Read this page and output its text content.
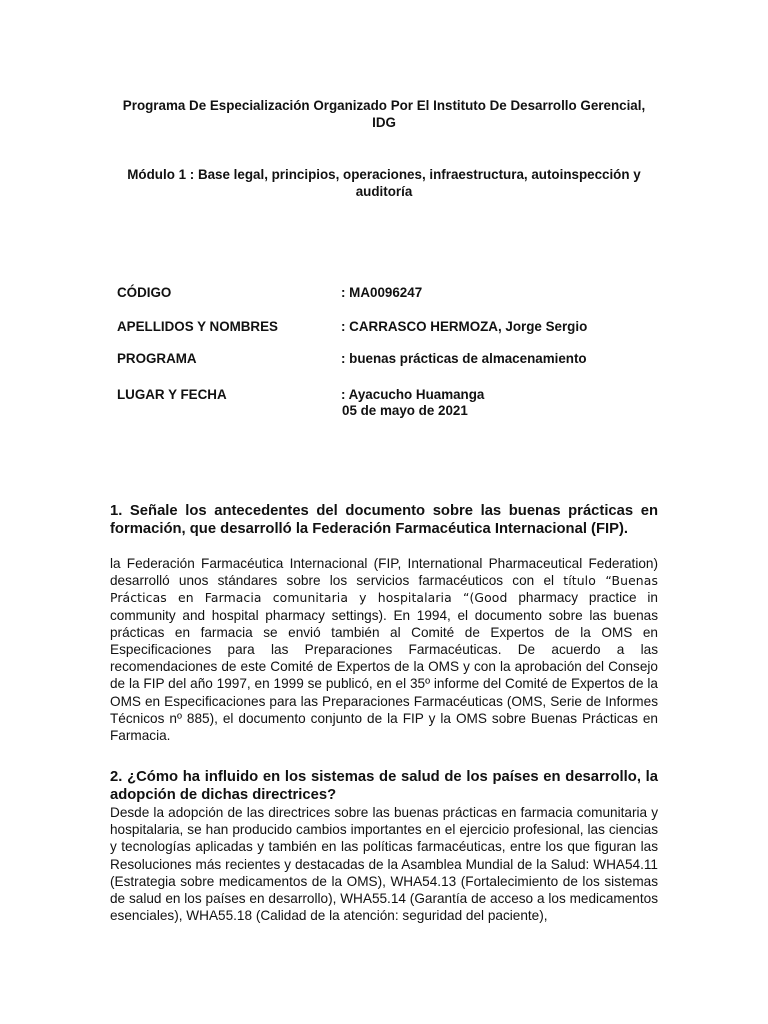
Programa De Especialización Organizado Por El Instituto De Desarrollo Gerencial, IDG
Módulo 1 : Base legal, principios, operaciones, infraestructura, autoinspección y auditoría
CÓDIGO	: MA0096247
APELLIDOS Y NOMBRES	: CARRASCO HERMOZA, Jorge Sergio
PROGRAMA	: buenas prácticas de almacenamiento
LUGAR Y FECHA	: Ayacucho Huamanga
05 de mayo de 2021

1. Señale los antecedentes del documento sobre las buenas prácticas en formación, que desarrolló la Federación Farmacéutica Internacional (FIP).

la Federación Farmacéutica Internacional (FIP, International Pharmaceutical Federation) desarrolló unos stándares sobre los servicios farmacéuticos con el título “Buenas Prácticas en Farmacia comunitaria y hospitalaria “(Good pharmacy practice in community and hospital pharmacy settings). En 1994, el documento sobre las buenas prácticas en farmacia se envió también al Comité de Expertos de la OMS en Especificaciones para las Preparaciones Farmacéuticas. De acuerdo a las recomendaciones de este Comité de Expertos de la OMS y con la aprobación del Consejo de la FIP del año 1997, en 1999 se publicó, en el 35º informe del Comité de Expertos de la OMS en Especificaciones para las Preparaciones Farmacéuticas (OMS, Serie de Informes Técnicos nº 885), el documento conjunto de la FIP y la OMS sobre Buenas Prácticas en Farmacia.

2. ¿Cómo ha influido en los sistemas de salud de los países en desarrollo, la adopción de dichas directrices?

Desde la adopción de las directrices sobre las buenas prácticas en farmacia comunitaria y hospitalaria, se han producido cambios importantes en el ejercicio profesional, las ciencias y tecnologías aplicadas y también en las políticas farmacéuticas, entre los que figuran las Resoluciones más recientes y destacadas de la Asamblea Mundial de la Salud: WHA54.11 (Estrategia sobre medicamentos de la OMS), WHA54.13 (Fortalecimiento de los sistemas de salud en los países en desarrollo), WHA55.14 (Garantía de acceso a los medicamentos esenciales), WHA55.18 (Calidad de la atención: seguridad del paciente),
